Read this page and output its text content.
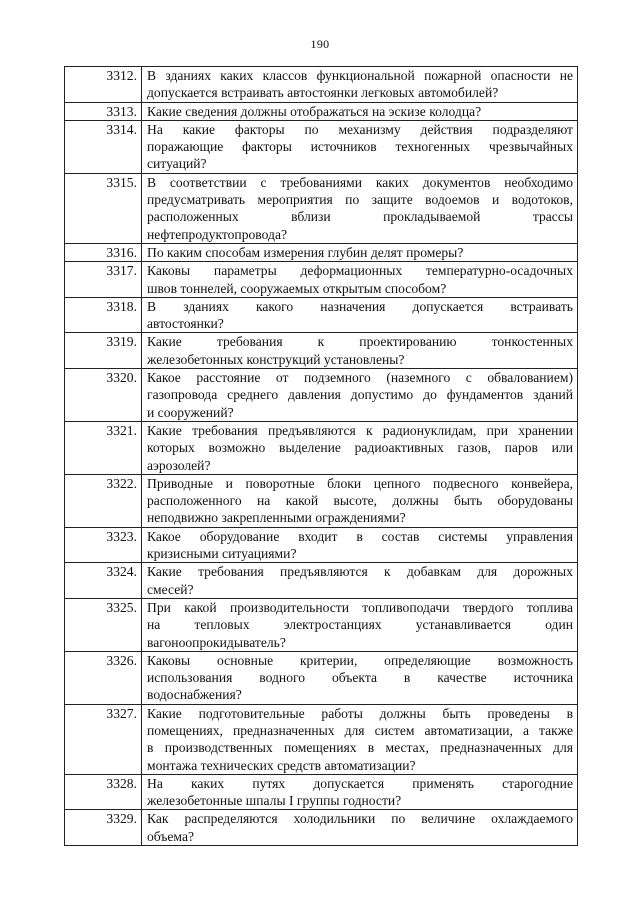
190
3312.	В зданиях каких классов функциональной пожарной опасности не
допускается встраивать автостоянки легковых автомобилей?

3313.	Какие сведения должны отображаться на эскизе колодца?

3314.	На какие факторы по механизму действия подразделяют
поражающие факторы источников техногенных чрезвычайных
ситуаций?

3315.	В соответствии с требованиями каких документов необходимо
предусматривать мероприятия по защите водоемов и водотоков,
расположенных вблизи прокладываемой трассы
нефтепродуктопровода?

3316.	По каким способам измерения глубин делят промеры?

3317.	Каковы параметры деформационных температурно-осадочных
швов тоннелей, сооружаемых открытым способом?

3318.	В зданиях какого назначения допускается встраивать
автостоянки?

3319.	Какие требования к проектированию тонкостенных
железобетонных конструкций установлены?

3320.	Какое расстояние от подземного (наземного с обвалованием)
газопровода среднего давления допустимо до фундаментов зданий
и сооружений?

3321.	Какие требования предъявляются к радионуклидам, при хранении
которых возможно выделение радиоактивных газов, паров или
аэрозолей?

3322.	Приводные и поворотные блоки цепного подвесного конвейера,
расположенного на какой высоте, должны быть оборудованы
неподвижно закрепленными ограждениями?

3323.	Какое оборудование входит в состав системы управления
кризисными ситуациями?

3324.	Какие требования предъявляются к добавкам для дорожных
смесей?

3325.	При какой производительности топливоподачи твердого топлива
на тепловых электростанциях устанавливается один
вагоноопрокидыватель?

3326.	Каковы основные критерии, определяющие возможность
использования водного объекта в качестве источника
водоснабжения?

3327.	Какие подготовительные работы должны быть проведены в
помещениях, предназначенных для систем автоматизации, а также
в производственных помещениях в местах, предназначенных для
монтажа технических средств автоматизации?

3328.	На каких путях допускается применять старогодние
железобетонные шпалы I группы годности?

3329.	Как распределяются холодильники по величине охлаждаемого
объема?
